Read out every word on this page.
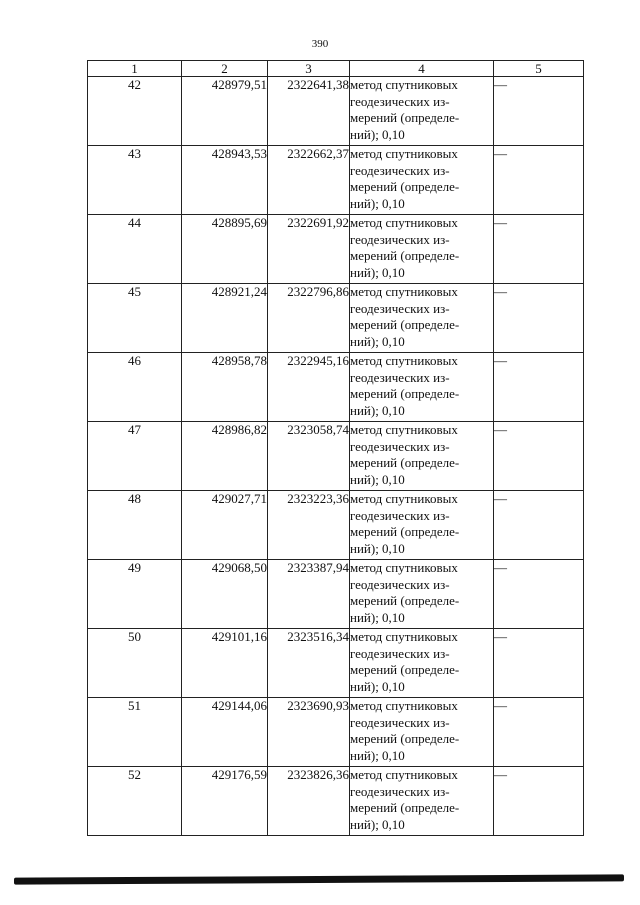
390
1	2	3	4	5
42	428979,51	2322641,38	метод спутниковых
геодезических из-
мерений (определе-
ний); 0,10	—
43	428943,53	2322662,37	метод спутниковых
геодезических из-
мерений (определе-
ний); 0,10	—
44	428895,69	2322691,92	метод спутниковых
геодезических из-
мерений (определе-
ний); 0,10	—
45	428921,24	2322796,86	метод спутниковых
геодезических из-
мерений (определе-
ний); 0,10	—
46	428958,78	2322945,16	метод спутниковых
геодезических из-
мерений (определе-
ний); 0,10	—
47	428986,82	2323058,74	метод спутниковых
геодезических из-
мерений (определе-
ний); 0,10	—
48	429027,71	2323223,36	метод спутниковых
геодезических из-
мерений (определе-
ний); 0,10	—
49	429068,50	2323387,94	метод спутниковых
геодезических из-
мерений (определе-
ний); 0,10	—
50	429101,16	2323516,34	метод спутниковых
геодезических из-
мерений (определе-
ний); 0,10	—
51	429144,06	2323690,93	метод спутниковых
геодезических из-
мерений (определе-
ний); 0,10	—
52	429176,59	2323826,36	метод спутниковых
геодезических из-
мерений (определе-
ний); 0,10	—
